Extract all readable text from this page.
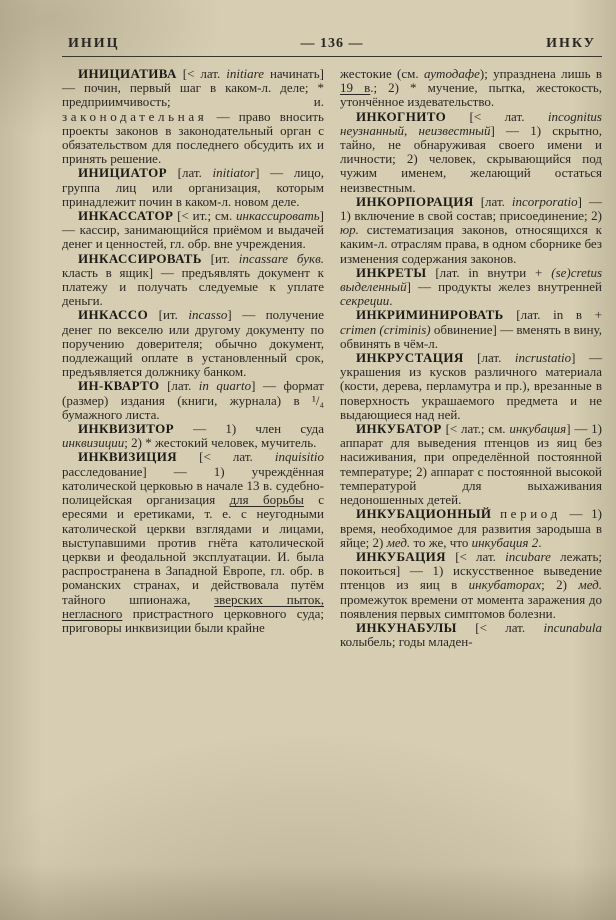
ИНИЦ	— 136 —	ИНКУ

ИНИЦИАТИВА [< лат. initiare начинать] — почин, первый шаг в каком-л. деле; * предприимчивость; и. законодательная — право вносить проекты законов в законодательный орган с обязательством для последнего обсудить их и принять решение.

ИНИЦИАТОР [лат. initiator] — лицо, группа лиц или организация, которым принадлежит почин в каком-л. новом деле.

ИНКАССАТОР [< ит.; см. инкассировать] — кассир, занимающийся приёмом и выдачей денег и ценностей, гл. обр. вне учреждения.

ИНКАССИРОВАТЬ [ит. incassare букв. класть в ящик] — предъявлять документ к платежу и получать следуемые к уплате деньги.

ИНКАССО [ит. incasso] — получение денег по векселю или другому документу по поручению доверителя; обычно документ, подлежащий оплате в установленный срок, предъявляется должнику банком.

ИН-КВАРТО [лат. in quarto] — формат (размер) издания (книги, журнала) в ¹/₄ бумажного листа.

ИНКВИЗИТОР — 1) член суда инквизиции; 2) * жестокий человек, мучитель.

ИНКВИЗИЦИЯ [< лат. inquisitio расследование] — 1) учреждённая католической церковью в начале 13 в. судебно-полицейская организация для борьбы с ересями и еретиками, т. е. с неугодными католической церкви взглядами и лицами, выступавшими против гнёта католической церкви и феодальной эксплуатации. И. была распространена в Западной Европе, гл. обр. в романских странах, и действовала путём тайного шпионажа, зверских пыток, негласного пристрастного церковного суда; приговоры инквизиции были крайне

жестокие (см. аутодафе); упразднена лишь в 19 в.; 2) * мучение, пытка, жестокость, утончённое издевательство.

ИНКОГНИТО [< лат. incognitus неузнанный, неизвестный] — 1) скрытно, тайно, не обнаруживая своего имени и личности; 2) человек, скрывающийся под чужим именем, желающий остаться неизвестным.

ИНКОРПОРАЦИЯ [лат. incorporatio] — 1) включение в свой состав; присоединение; 2) юр. систематизация законов, относящихся к каким-л. отраслям права, в одном сборнике без изменения содержания законов.

ИНКРЕТЫ [лат. in внутри + (se)cretus выделенный] — продукты желез внутренней секреции.

ИНКРИМИНИРОВАТЬ [лат. in в + crimen (criminis) обвинение] — вменять в вину, обвинять в чём-л.

ИНКРУСТАЦИЯ [лат. incrustatio] — украшения из кусков различного материала (кости, дерева, перламутра и пр.), врезанные в поверхность украшаемого предмета и не выдающиеся над ней.

ИНКУБАТОР [< лат.; см. инкубация] — 1) аппарат для выведения птенцов из яиц без насиживания, при определённой постоянной температуре; 2) аппарат с постоянной высокой температурой для выхаживания недоношенных детей.

ИНКУБАЦИОННЫЙ период — 1) время, необходимое для развития зародыша в яйце; 2) мед. то же, что инкубация 2.

ИНКУБАЦИЯ [< лат. incubare лежать; покоиться] — 1) искусственное выведение птенцов из яиц в инкубаторах; 2) мед. промежуток времени от момента заражения до появления первых симптомов болезни.

ИНКУНАБУЛЫ [< лат. incunabula колыбель; годы младен-
